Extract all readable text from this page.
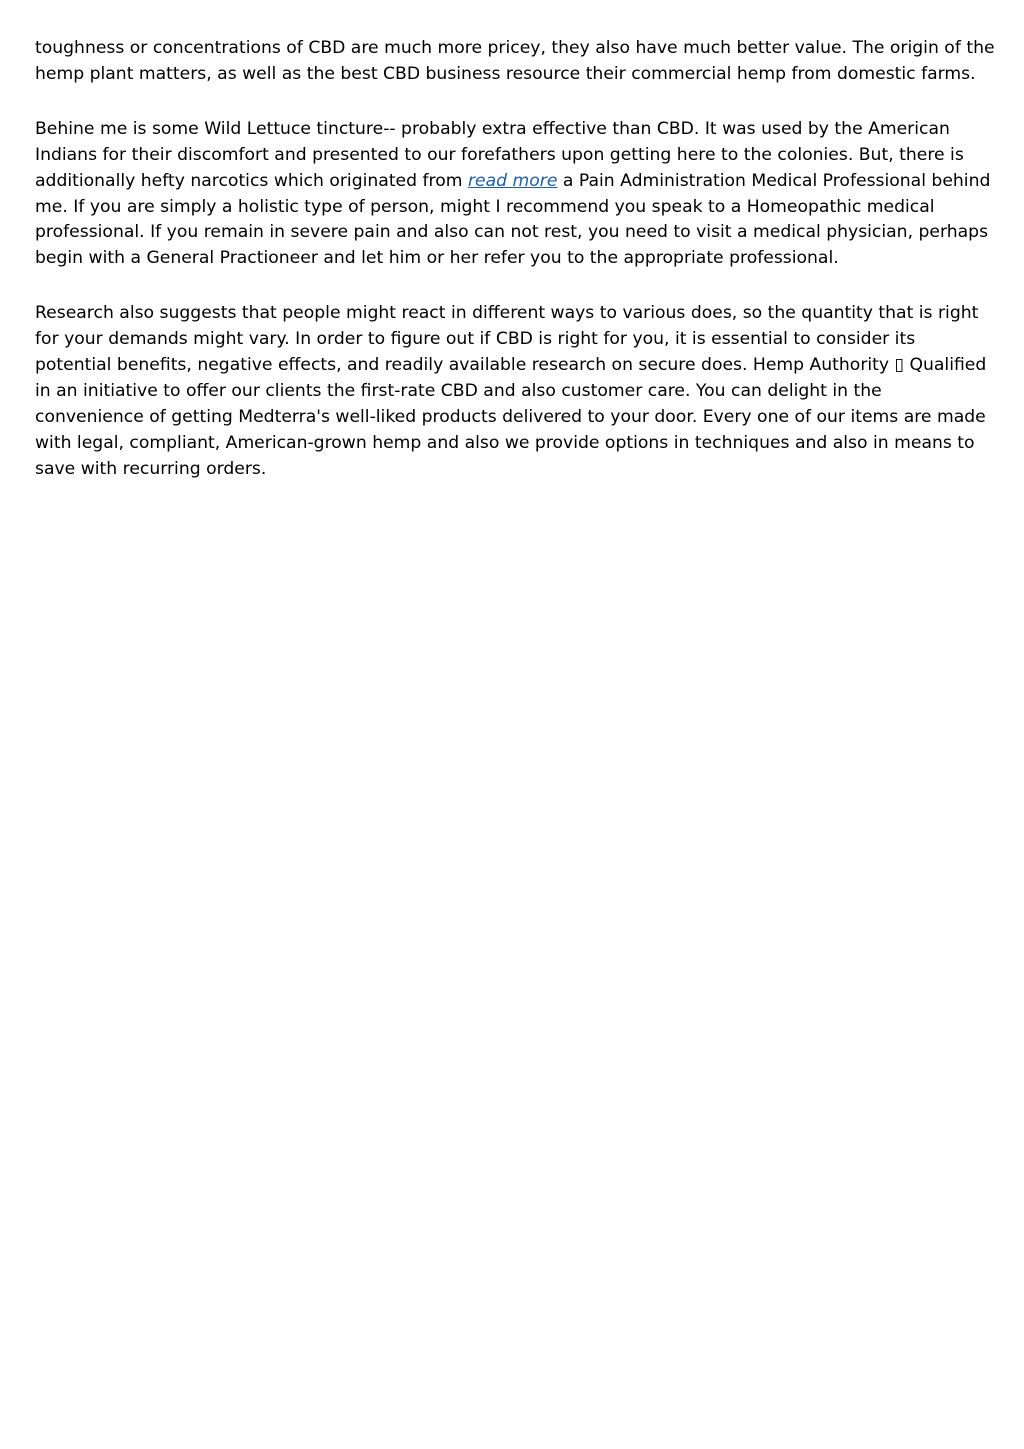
toughness or concentrations of CBD are much more pricey, they also have much better value. The origin of the hemp plant matters, as well as the best CBD business resource their commercial hemp from domestic farms.

Behine me is some Wild Lettuce tincture-- probably extra effective than CBD. It was used by the American Indians for their discomfort and presented to our forefathers upon getting here to the colonies. But, there is additionally hefty narcotics which originated from read more a Pain Administration Medical Professional behind me. If you are simply a holistic type of person, might I recommend you speak to a Homeopathic medical professional. If you remain in severe pain and also can not rest, you need to visit a medical physician, perhaps begin with a General Practioneer and let him or her refer you to the appropriate professional.

Research also suggests that people might react in different ways to various does, so the quantity that is right for your demands might vary. In order to figure out if CBD is right for you, it is essential to consider its potential benefits, negative effects, and readily available research on secure does. Hemp Authority ▯ Qualified in an initiative to offer our clients the first-rate CBD and also customer care. You can delight in the convenience of getting Medterra's well-liked products delivered to your door. Every one of our items are made with legal, compliant, American-grown hemp and also we provide options in techniques and also in means to save with recurring orders.
